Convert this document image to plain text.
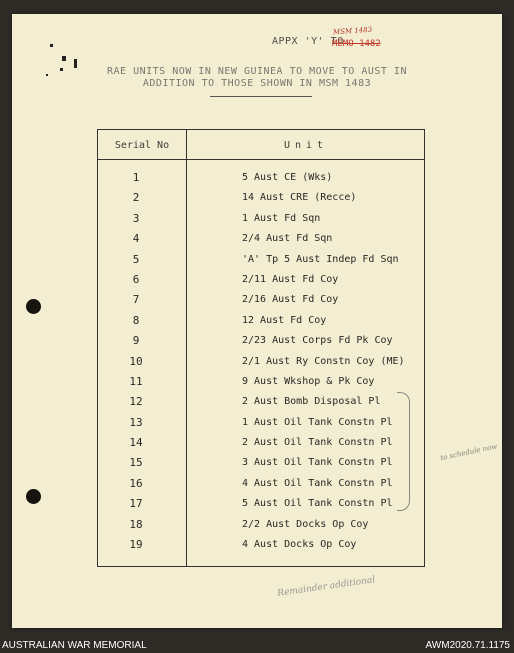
APPX 'Y' TO
MSM 1483
MEMO 1482
RAE UNITS NOW IN NEW GUINEA TO MOVE TO AUST IN
ADDITION TO THOSE SHOWN IN MSM 1483
Serial No	Unit
1	5 Aust CE (Wks)
2	14 Aust CRE (Recce)
3	1 Aust Fd Sqn
4	2/4 Aust Fd Sqn
5	'A' Tp 5 Aust Indep Fd Sqn
6	2/11 Aust Fd Coy
7	2/16 Aust Fd Coy
8	12 Aust Fd Coy
9	2/23 Aust Corps Fd Pk Coy
10	2/1 Aust Ry Constn Coy (ME)
11	9 Aust Wkshop & Pk Coy
12	2 Aust Bomb Disposal Pl
13	1 Aust Oil Tank Constn Pl
14	2 Aust Oil Tank Constn Pl
15	3 Aust Oil Tank Constn Pl
16	4 Aust Oil Tank Constn Pl
17	5 Aust Oil Tank Constn Pl
18	2/2 Aust Docks Op Coy
19	4 Aust Docks Op Coy
to schedule now
Remainder additional
AUSTRALIAN WAR MEMORIAL	AWM2020.71.1175
